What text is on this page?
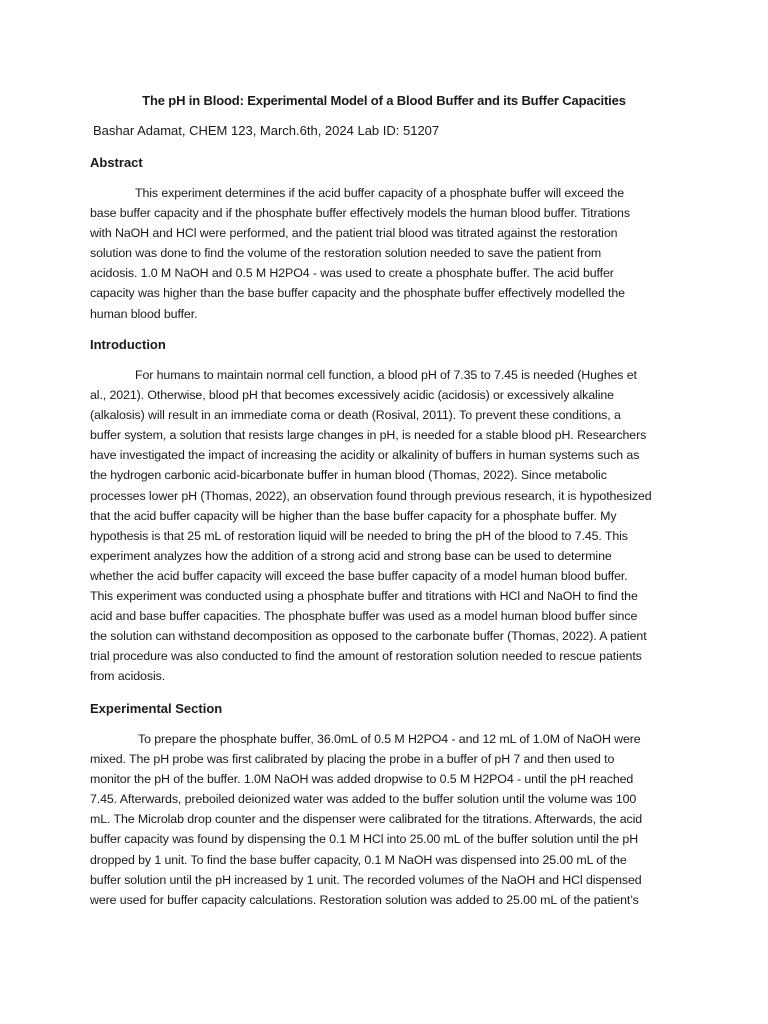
The pH in Blood: Experimental Model of a Blood Buffer and its Buffer Capacities
Bashar Adamat, CHEM 123, March.6th, 2024 Lab ID: 51207
Abstract
This experiment determines if the acid buffer capacity of a phosphate buffer will exceed the
base buffer capacity and if the phosphate buffer effectively models the human blood buffer. Titrations
with NaOH and HCl were performed, and the patient trial blood was titrated against the restoration
solution was done to find the volume of the restoration solution needed to save the patient from
acidosis. 1.0 M NaOH and 0.5 M H2PO4 - was used to create a phosphate buffer. The acid buffer
capacity was higher than the base buffer capacity and the phosphate buffer effectively modelled the
human blood buffer.
Introduction
For humans to maintain normal cell function, a blood pH of 7.35 to 7.45 is needed (Hughes et
al., 2021). Otherwise, blood pH that becomes excessively acidic (acidosis) or excessively alkaline
(alkalosis) will result in an immediate coma or death (Rosival, 2011). To prevent these conditions, a
buffer system, a solution that resists large changes in pH, is needed for a stable blood pH. Researchers
have investigated the impact of increasing the acidity or alkalinity of buffers in human systems such as
the hydrogen carbonic acid-bicarbonate buffer in human blood (Thomas, 2022). Since metabolic
processes lower pH (Thomas, 2022), an observation found through previous research, it is hypothesized
that the acid buffer capacity will be higher than the base buffer capacity for a phosphate buffer. My
hypothesis is that 25 mL of restoration liquid will be needed to bring the pH of the blood to 7.45. This
experiment analyzes how the addition of a strong acid and strong base can be used to determine
whether the acid buffer capacity will exceed the base buffer capacity of a model human blood buffer.
This experiment was conducted using a phosphate buffer and titrations with HCl and NaOH to find the
acid and base buffer capacities. The phosphate buffer was used as a model human blood buffer since
the solution can withstand decomposition as opposed to the carbonate buffer (Thomas, 2022). A patient
trial procedure was also conducted to find the amount of restoration solution needed to rescue patients
from acidosis.
Experimental Section
To prepare the phosphate buffer, 36.0mL of 0.5 M H2PO4 - and 12 mL of 1.0M of NaOH were
mixed. The pH probe was first calibrated by placing the probe in a buffer of pH 7 and then used to
monitor the pH of the buffer. 1.0M NaOH was added dropwise to 0.5 M H2PO4 - until the pH reached
7.45. Afterwards, preboiled deionized water was added to the buffer solution until the volume was 100
mL. The Microlab drop counter and the dispenser were calibrated for the titrations. Afterwards, the acid
buffer capacity was found by dispensing the 0.1 M HCl into 25.00 mL of the buffer solution until the pH
dropped by 1 unit. To find the base buffer capacity, 0.1 M NaOH was dispensed into 25.00 mL of the
buffer solution until the pH increased by 1 unit. The recorded volumes of the NaOH and HCl dispensed
were used for buffer capacity calculations. Restoration solution was added to 25.00 mL of the patient’s
